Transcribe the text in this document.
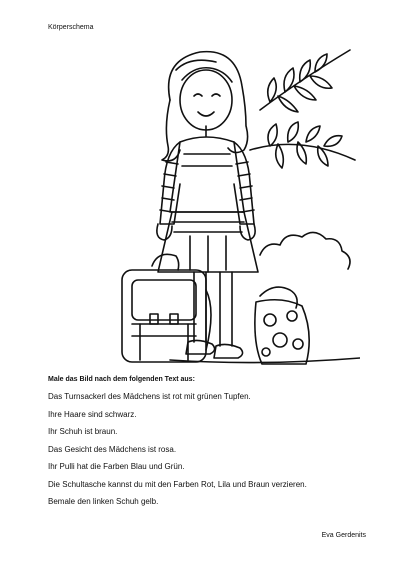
Körperschema
Male das Bild nach dem folgenden Text aus:
Das Turnsackerl des Mädchens ist rot mit grünen Tupfen.
Ihre Haare sind schwarz.
Ihr Schuh ist braun.
Das Gesicht des Mädchens ist rosa.
Ihr Pulli hat die Farben Blau und Grün.
Die Schultasche kannst du mit den Farben Rot, Lila und Braun verzieren.
Bemale den linken Schuh gelb.
Eva Gerdenits
